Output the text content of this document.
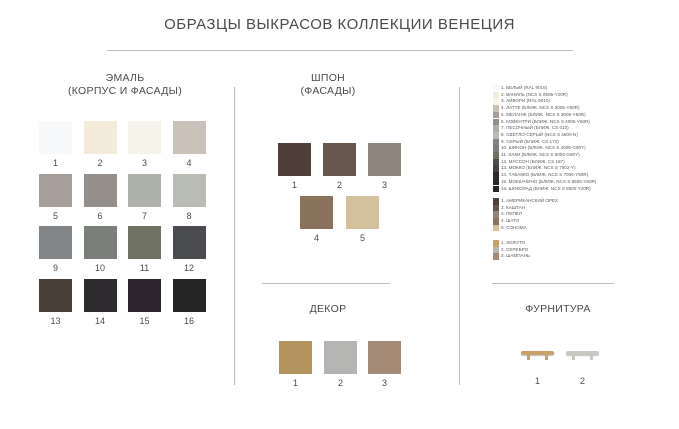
ОБРАЗЦЫ ВЫКРАСОВ КОЛЛЕКЦИИ ВЕНЕЦИЯ
ЭМАЛЬ
(КОРПУС И ФАСАДЫ)
1	2	3	4
5	6	7	8
9	10	11	12
13	14	15	16
ШПОН
(ФАСАДЫ)
1	2	3
4	5
ДЕКОР
1	2	3
1. БЕЛЫЙ (RAL 9016)
2. ВАНИЛЬ (NCS S 0505-Y20R)
3. АЙВОРИ (RAL 9010)
4. ЛАТТЕ (БЛИЖ. NCS S 2005-Y50R)
5. МЕЛАНЖ (БЛИЖ. NCS S 3005-Y50R)
6. КОВЕНТРИ (БЛИЖ. NCS S 4005-Y50R)
7. ПЕСОЧНЫЙ (БЛИЖ. CS 010)
8. СВЕТЛО-СЕРЫЙ (NCS S 4500-N)
9. СЕРЫЙ (БЛИЖ. CS 172)
10. ШИНОН (БЛИЖ. NCS S 4005-G80Y)
11. ХАКИ (БЛИЖ. NCS S 6005-G80Y)
12. МУССОН (БЛИЖ. CS 187)
13. МОККО (БЛИЖ. NCS S 7502-Y)
14. ТАБАККО (БЛИЖ. NCS S 7005-Y50R)
15. МОККАЧИНО (БЛИЖ. NCS S 8505-Y80R)
16. ШОКОЛАД (БЛИЖ. NCS S 8500 Y20R)
1. АМЕРИКАНСКИЙ ОРЕХ
2. КАШТАН
3. ПЕПЕЛ
4. ШАТО
5. СОНОМА
1. ЗОЛОТО
2. СЕРЕБРО
3. ШАМПАНЬ
ФУРНИТУРА
1	2
